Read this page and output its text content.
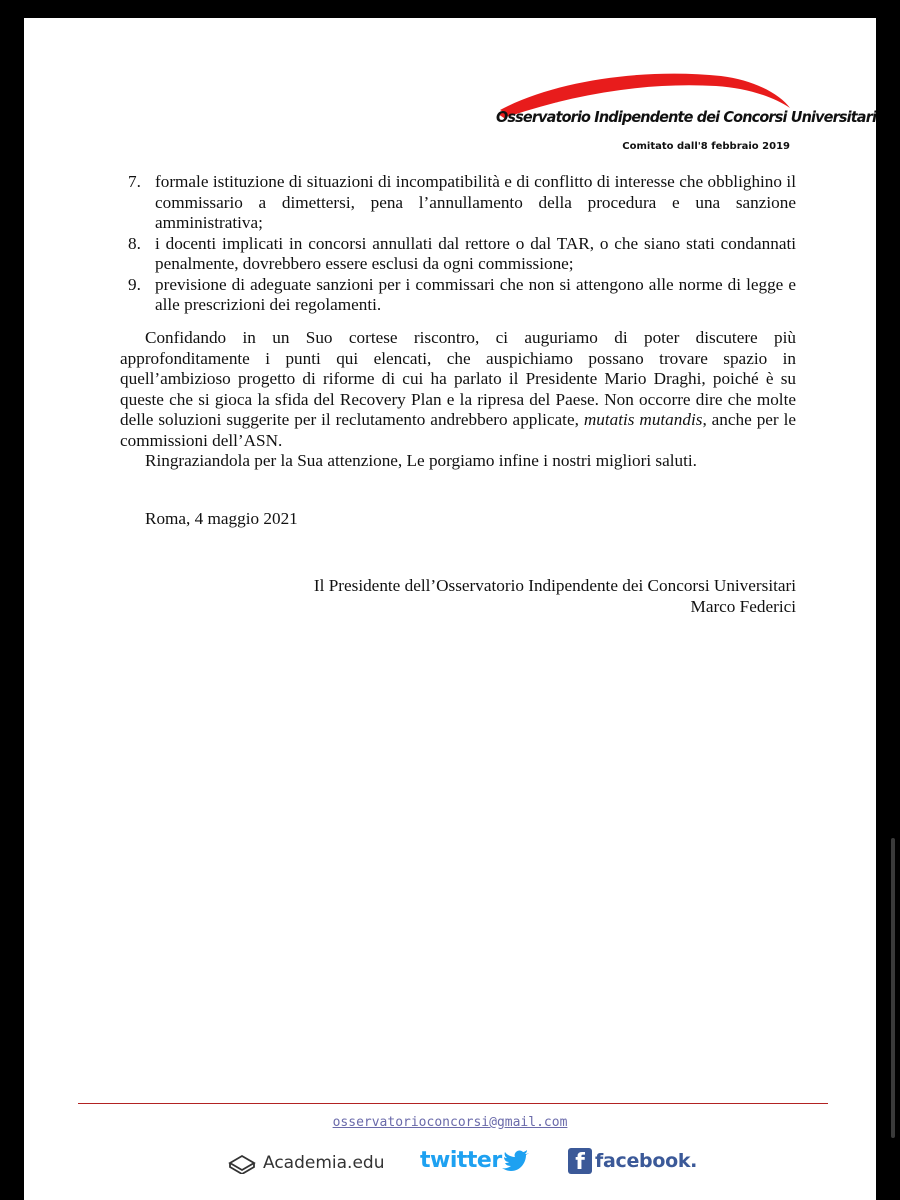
Osservatorio Indipendente dei Concorsi Universitari
Comitato dall'8 febbraio 2019
7. formale istituzione di situazioni di incompatibilità e di conflitto di interesse che obblighino il commissario a dimettersi, pena l’annullamento della procedura e una sanzione amministrativa;
8. i docenti implicati in concorsi annullati dal rettore o dal TAR, o che siano stati condannati penalmente, dovrebbero essere esclusi da ogni commissione;
9. previsione di adeguate sanzioni per i commissari che non si attengono alle norme di legge e alle prescrizioni dei regolamenti.

Confidando in un Suo cortese riscontro, ci auguriamo di poter discutere più approfonditamente i punti qui elencati, che auspichiamo possano trovare spazio in quell’ambizioso progetto di riforme di cui ha parlato il Presidente Mario Draghi, poiché è su queste che si gioca la sfida del Recovery Plan e la ripresa del Paese. Non occorre dire che molte delle soluzioni suggerite per il reclutamento andrebbero applicate, mutatis mutandis, anche per le commissioni dell’ASN.

Ringraziandola per la Sua attenzione, Le porgiamo infine i nostri migliori saluti.

Roma, 4 maggio 2021
Il Presidente dell’Osservatorio Indipendente dei Concorsi Universitari
Marco Federici
osservatorioconcorsi@gmail.com
Academia.edu twitter	f facebook.
